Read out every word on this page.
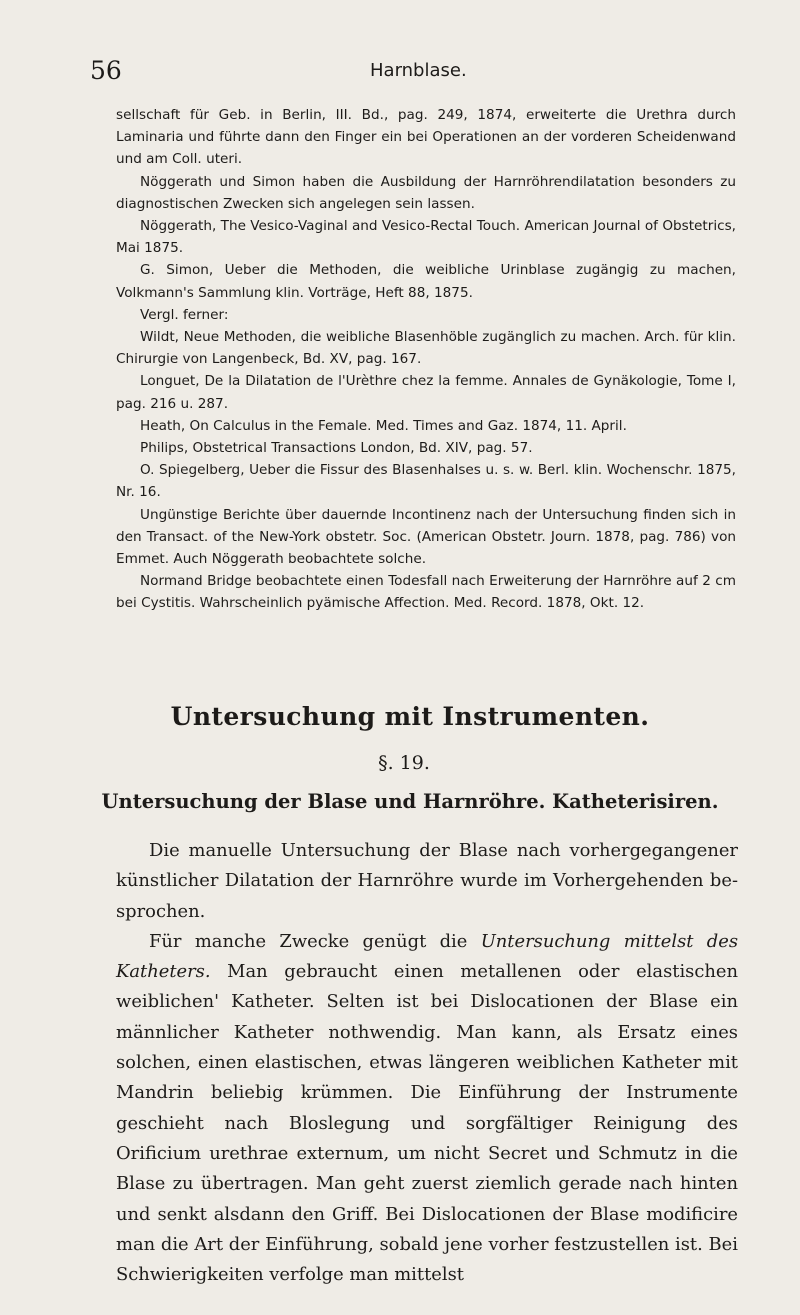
56	Harnblase.

sellschaft für Geb. in Berlin, III. Bd., pag. 249, 1874, erweiterte die Urethra durch Laminaria und führte dann den Finger ein bei Operationen an der vorderen Scheidenwand und am Coll. uteri.

Nöggerath und Simon haben die Ausbildung der Harnröhrendilatation besonders zu diagnostischen Zwecken sich angelegen sein lassen.

Nöggerath, The Vesico-Vaginal and Vesico-Rectal Touch. American Journal of Obstetrics, Mai 1875.

G. Simon, Ueber die Methoden, die weibliche Urinblase zugängig zu machen, Volkmann's Sammlung klin. Vorträge, Heft 88, 1875.

Vergl. ferner:

Wildt, Neue Methoden, die weibliche Blasenhöble zugänglich zu machen. Arch. für klin. Chirurgie von Langenbeck, Bd. XV, pag. 167.

Longuet, De la Dilatation de l'Urèthre chez la femme. Annales de Gynäkologie, Tome I, pag. 216 u. 287.

Heath, On Calculus in the Female. Med. Times and Gaz. 1874, 11. April.

Philips, Obstetrical Transactions London, Bd. XIV, pag. 57.

O. Spiegelberg, Ueber die Fissur des Blasenhalses u. s. w. Berl. klin. Wochenschr. 1875, Nr. 16.

Ungünstige Berichte über dauernde Incontinenz nach der Untersuchung finden sich in den Transact. of the New-York obstetr. Soc. (American Obstetr. Journ. 1878, pag. 786) von Emmet. Auch Nöggerath beobachtete solche.

Normand Bridge beobachtete einen Todesfall nach Erweiterung der Harnröhre auf 2 cm bei Cystitis. Wahrscheinlich pyämische Affection. Med. Record. 1878, Okt. 12.

Untersuchung mit Instrumenten.
§. 19.
Untersuchung der Blase und Harnröhre. Katheterisiren.

Die manuelle Untersuchung der Blase nach vorhergegangener künstlicher Dilatation der Harnröhre wurde im Vorhergehenden besprochen.

Für manche Zwecke genügt die Untersuchung mittelst des Katheters. Man gebraucht einen metallenen oder elastischen weiblichen' Katheter. Selten ist bei Dislocationen der Blase ein männlicher Katheter nothwendig. Man kann, als Ersatz eines solchen, einen elastischen, etwas längeren weiblichen Katheter mit Mandrin beliebig krümmen. Die Einführung der Instrumente geschieht nach Bloslegung und sorgfältiger Reinigung des Orificium urethrae externum, um nicht Secret und Schmutz in die Blase zu übertragen. Man geht zuerst ziemlich gerade nach hinten und senkt alsdann den Griff. Bei Dislocationen der Blase modificire man die Art der Einführung, sobald jene vorher festzustellen ist. Bei Schwierigkeiten verfolge man mittelst
